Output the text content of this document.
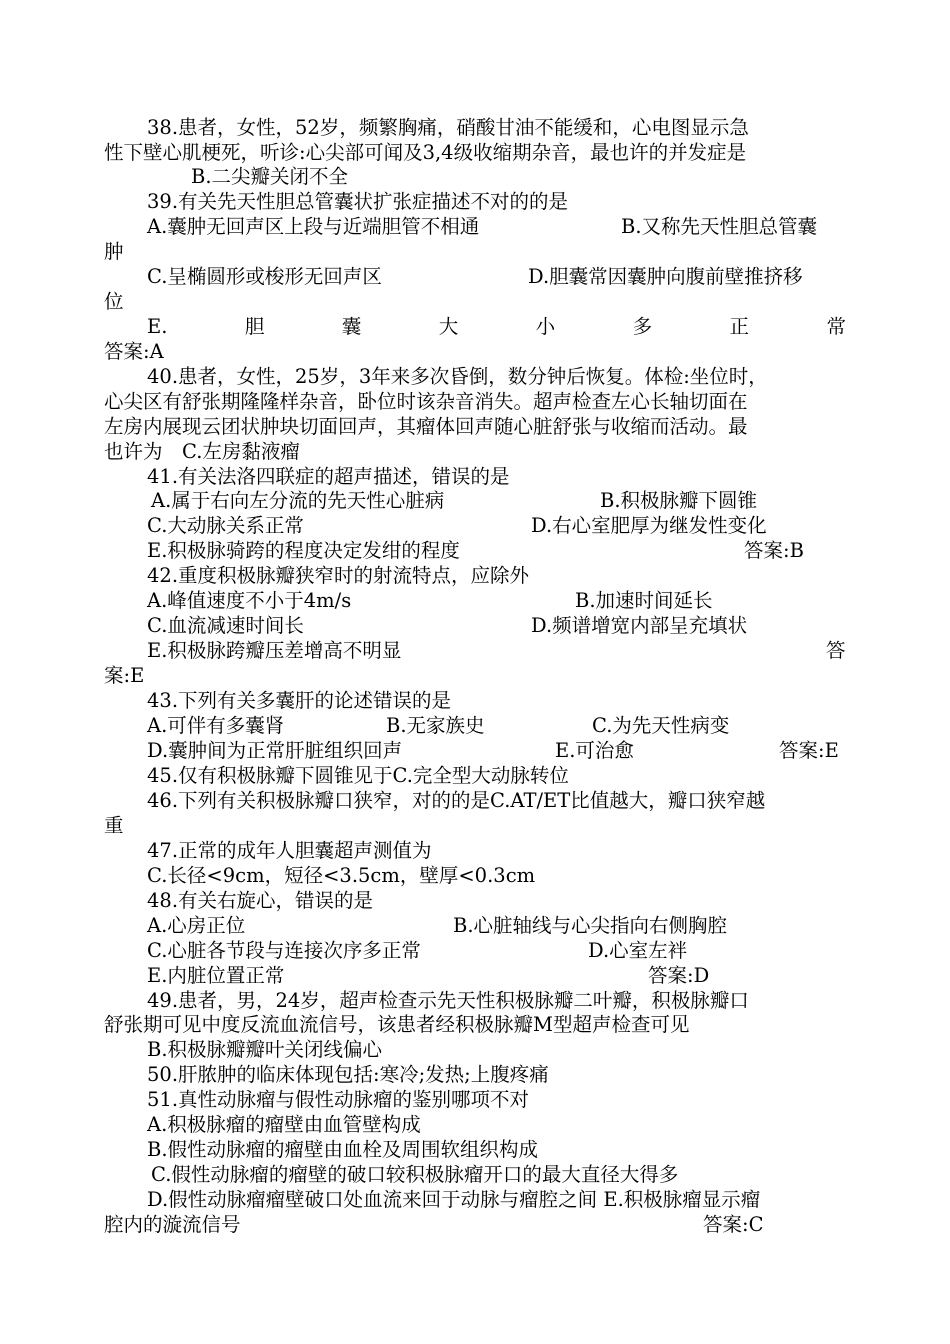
38.患者，女性，52岁，频繁胸痛，硝酸甘油不能缓和，心电图显示急
性下壁心肌梗死，听诊:心尖部可闻及3,4级收缩期杂音，最也许的并发症是
B.二尖瓣关闭不全
39.有关先天性胆总管囊状扩张症描述不对的的是
A.囊肿无回声区上段与近端胆管不相通	B.又称先天性胆总管囊
肿
C.呈椭圆形或梭形无回声区	D.胆囊常因囊肿向腹前壁推挤移
位
E.	胆	囊	大	小	多	正	常
答案:A
40.患者，女性，25岁，3年来多次昏倒，数分钟后恢复。体检:坐位时，
心尖区有舒张期隆隆样杂音，卧位时该杂音消失。超声检查左心长轴切面在
左房内展现云团状肿块切面回声，其瘤体回声随心脏舒张与收缩而活动。最
也许为　C.左房黏液瘤
41.有关法洛四联症的超声描述，错误的是
A.属于右向左分流的先天性心脏病	B.积极脉瓣下圆锥
C.大动脉关系正常	D.右心室肥厚为继发性变化
E.积极脉骑跨的程度决定发绀的程度	答案:B
42.重度积极脉瓣狭窄时的射流特点，应除外
A.峰值速度不小于4m/s	B.加速时间延长
C.血流减速时间长	D.频谱增宽内部呈充填状
E.积极脉跨瓣压差增高不明显	答
案:E
43.下列有关多囊肝的论述错误的是
A.可伴有多囊肾	B.无家族史	C.为先天性病变
D.囊肿间为正常肝脏组织回声	E.可治愈	答案:E
45.仅有积极脉瓣下圆锥见于C.完全型大动脉转位
46.下列有关积极脉瓣口狭窄，对的的是C.AT/ET比值越大，瓣口狭窄越
重
47.正常的成年人胆囊超声测值为
C.长径<9cm，短径<3.5cm，壁厚<0.3cm
48.有关右旋心，错误的是
A.心房正位	B.心脏轴线与心尖指向右侧胸腔
C.心脏各节段与连接次序多正常	D.心室左袢
E.内脏位置正常	答案:D
49.患者，男，24岁，超声检查示先天性积极脉瓣二叶瓣，积极脉瓣口
舒张期可见中度反流血流信号，该患者经积极脉瓣M型超声检查可见
B.积极脉瓣瓣叶关闭线偏心
50.肝脓肿的临床体现包括:寒冷;发热;上腹疼痛
51.真性动脉瘤与假性动脉瘤的鉴别哪项不对
A.积极脉瘤的瘤壁由血管壁构成
B.假性动脉瘤的瘤壁由血栓及周围软组织构成
C.假性动脉瘤的瘤壁的破口较积极脉瘤开口的最大直径大得多
D.假性动脉瘤瘤壁破口处血流来回于动脉与瘤腔之间 E.积极脉瘤显示瘤
腔内的漩流信号	答案:C
